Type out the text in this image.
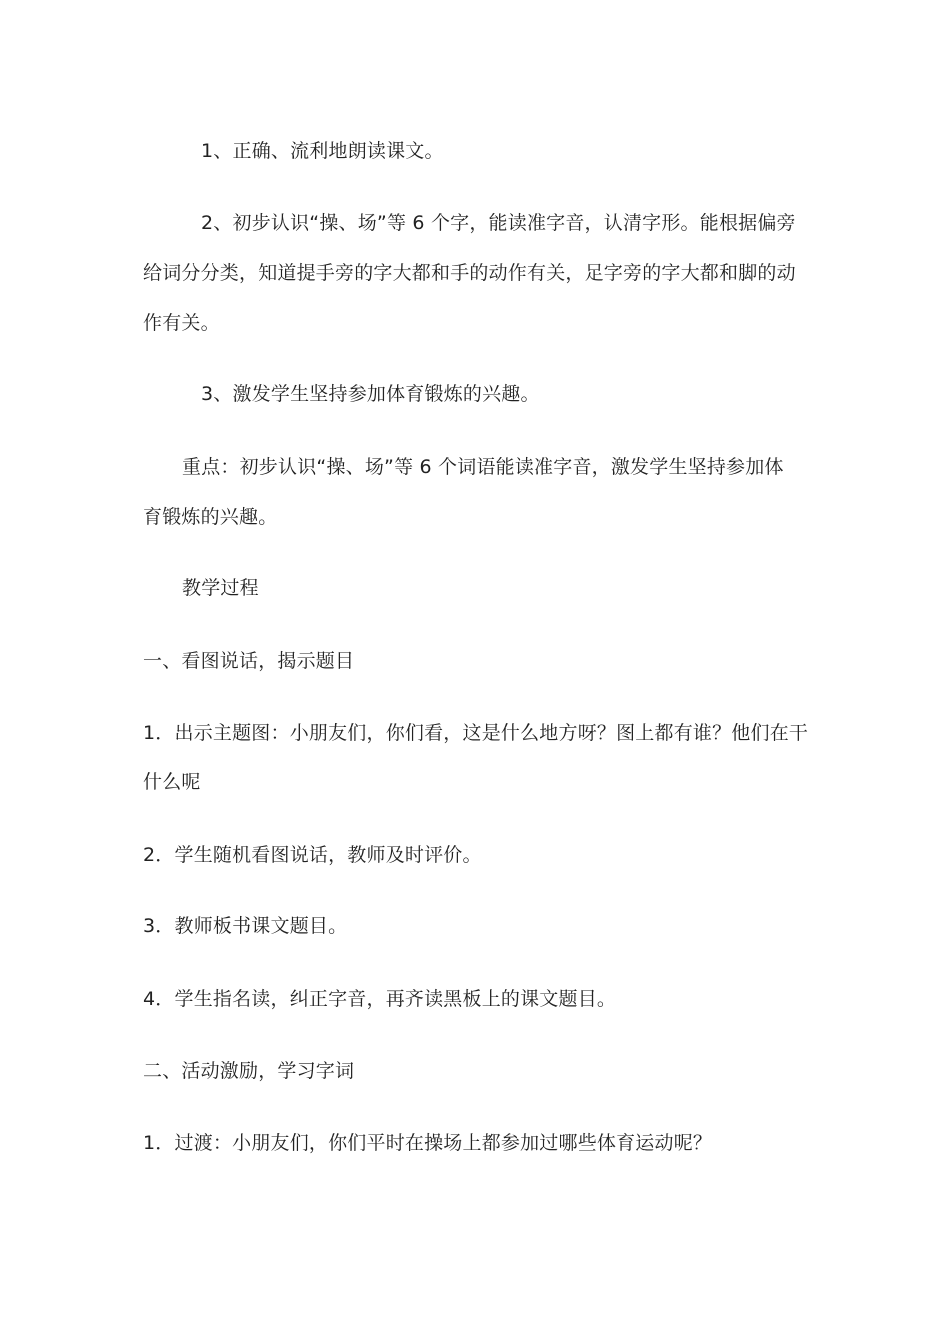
1、正确、流利地朗读课文。
2、初步认识“操、场”等 6 个字，能读准字音，认清字形。能根据偏旁
给词分分类，知道提手旁的字大都和手的动作有关，足字旁的字大都和脚的动
作有关。
3、激发学生坚持参加体育锻炼的兴趣。
重点：初步认识“操、场”等 6 个词语能读准字音，激发学生坚持参加体
育锻炼的兴趣。
教学过程
一、看图说话，揭示题目
1．出示主题图：小朋友们，你们看，这是什么地方呀？图上都有谁？他们在干
什么呢
2．学生随机看图说话，教师及时评价。
3．教师板书课文题目。
4．学生指名读，纠正字音，再齐读黑板上的课文题目。
二、活动激励，学习字词
1．过渡：小朋友们，你们平时在操场上都参加过哪些体育运动呢？
